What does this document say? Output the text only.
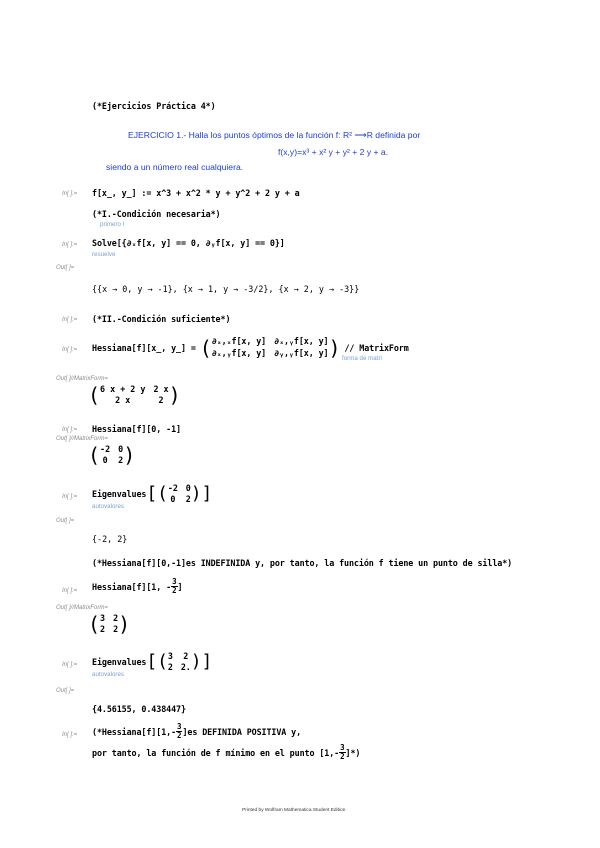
(*Ejercicios Práctica 4*)
EJERCICIO 1.- Halla los puntos óptimos de la función f: R² ⟶R definida por
f(x,y)=x³ + x² y + y² + 2 y + a.
siendo a un número real cualquiera.
In[ ]:= f[x_, y_] := x^3 + x^2 * y + y^2 + 2 y + a
(*I.-Condición necesaria*)
primero l
In[ ]:= Solve[{∂ₓf[x, y] == 0, ∂ᵧf[x, y] == 0}]
resuelve
Out[ ]=
{{x → 0, y → -1}, {x → 1, y → -3/2}, {x → 2, y → -3}}
In[ ]:= (*II.-Condición suficiente*)
In[ ]:= Hessiana[f][x_, y_] = ( ∂ₓ,ₓf[x, y] ∂ₓ,ᵧf[x, y]
∂ₓ,ᵧf[x, y] ∂ᵧ,ᵧf[x, y] ) // MatrixForm
forma de matri
Out[ ]//MatrixForm=
( 6 x + 2 y 2 x
2 x	2 )
In[ ]:= Hessiana[f][0, -1]
Out[ ]//MatrixForm=
( -2 0
0	2 )
In[ ]:= Eigenvalues [ ( -2 0
0 2 ) ]
autovalores
Out[ ]=
{-2, 2}
(*Hessiana[f][0,-1]es INDEFINIDA y, por tanto, la función f tiene un punto de silla*)
In[ ]:= Hessiana[f][1, - $\frac{3}{2}$ ]
Out[ ]//MatrixForm=
( 3 2
2 2 )
In[ ]:= Eigenvalues [ ( 3 2
2 2. ) ]
autovalores
Out[ ]=
{4.56155, 0.438447}
In[ ]:= (*Hessiana[f][1,- $\frac{3}{2} ]es$ DEFINIDA POSITIVA y,
por tanto, la función de f mínimo en el punto [$1,- \frac{3}{2}$ ]*)
Printed by Wolfram Mathematica Student Edition
